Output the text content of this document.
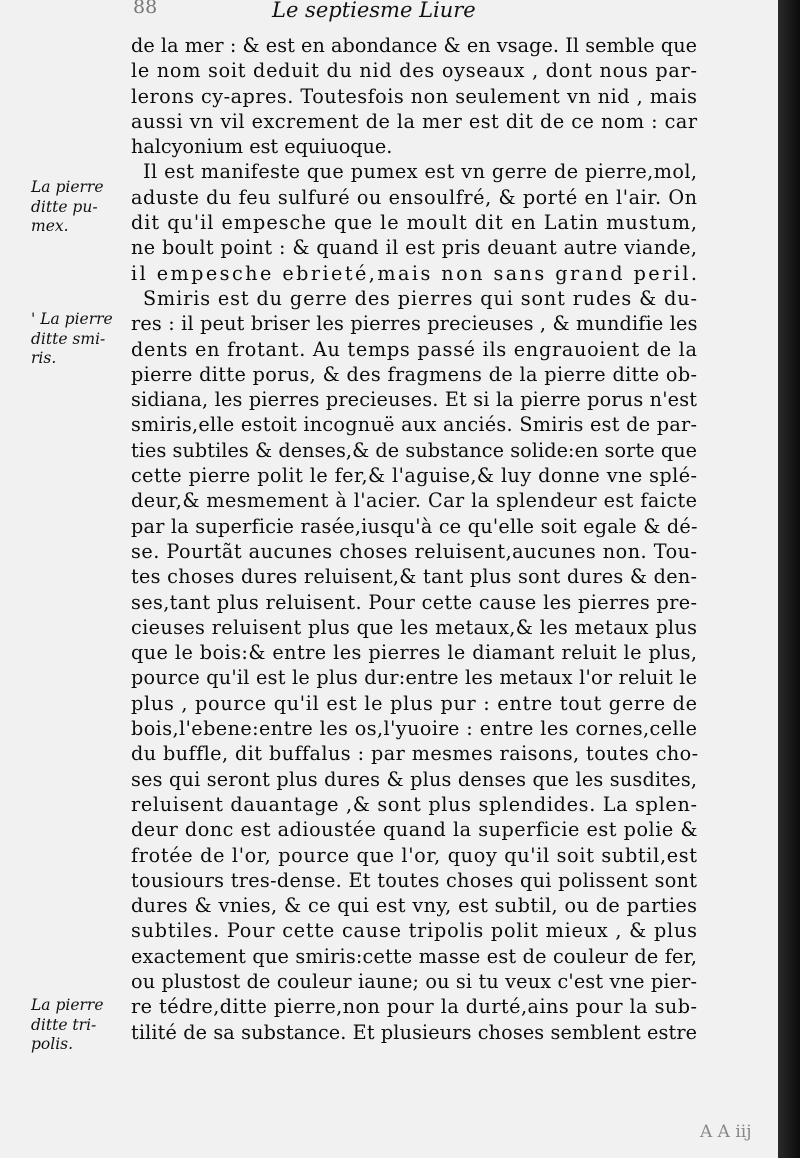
88	Le septiesme Liure
La pierre
ditte pu-
mex.
' La pierre
ditte smi-
ris.
La pierre
ditte tri-
polis.
de la mer : & est en abondance & en vsage. Il semble que
le nom soit deduit du nid des oyseaux , dont nous par-
lerons cy-apres. Toutesfois non seulement vn nid , mais
aussi vn vil excrement de la mer est dit de ce nom : car
halcyonium est equiuoque.
Il est manifeste que pumex est vn gerre de pierre,mol,
aduste du feu sulfuré ou ensoulfré, & porté en l'air. On
dit qu'il empesche que le moult dit en Latin mustum,
ne boult point : & quand il est pris deuant autre viande,
il empesche ebrieté,mais non sans grand peril.
Smiris est du gerre des pierres qui sont rudes & du-
res : il peut briser les pierres precieuses , & mundifie les
dents en frotant. Au temps passé ils engrauoient de la
pierre ditte porus, & des fragmens de la pierre ditte ob-
sidiana, les pierres precieuses. Et si la pierre porus n'est
smiris,elle estoit incognuë aux anciés. Smiris est de par-
ties subtiles & denses,& de substance solide:en sorte que
cette pierre polit le fer,& l'aguise,& luy donne vne splé-
deur,& mesmement à l'acier. Car la splendeur est faicte
par la superficie rasée,iusqu'à ce qu'elle soit egale & dé-
se. Pourtãt aucunes choses reluisent,aucunes non. Tou-
tes choses dures reluisent,& tant plus sont dures & den-
ses,tant plus reluisent. Pour cette cause les pierres pre-
cieuses reluisent plus que les metaux,& les metaux plus
que le bois:& entre les pierres le diamant reluit le plus,
pource qu'il est le plus dur:entre les metaux l'or reluit le
plus , pource qu'il est le plus pur : entre tout gerre de
bois,l'ebene:entre les os,l'yuoire : entre les cornes,celle
du buffle, dit buffalus : par mesmes raisons, toutes cho-
ses qui seront plus dures & plus denses que les susdites,
reluisent dauantage ,& sont plus splendides. La splen-
deur donc est adioustée quand la superficie est polie &
frotée de l'or, pource que l'or, quoy qu'il soit subtil,est
tousiours tres-dense. Et toutes choses qui polissent sont
dures & vnies, & ce qui est vny, est subtil, ou de parties
subtiles. Pour cette cause tripolis polit mieux , & plus
exactement que smiris:cette masse est de couleur de fer,
ou plustost de couleur iaune; ou si tu veux c'est vne pier-
re tédre,ditte pierre,non pour la durté,ains pour la sub-
tilité de sa substance. Et plusieurs choses semblent estre
A A iij
